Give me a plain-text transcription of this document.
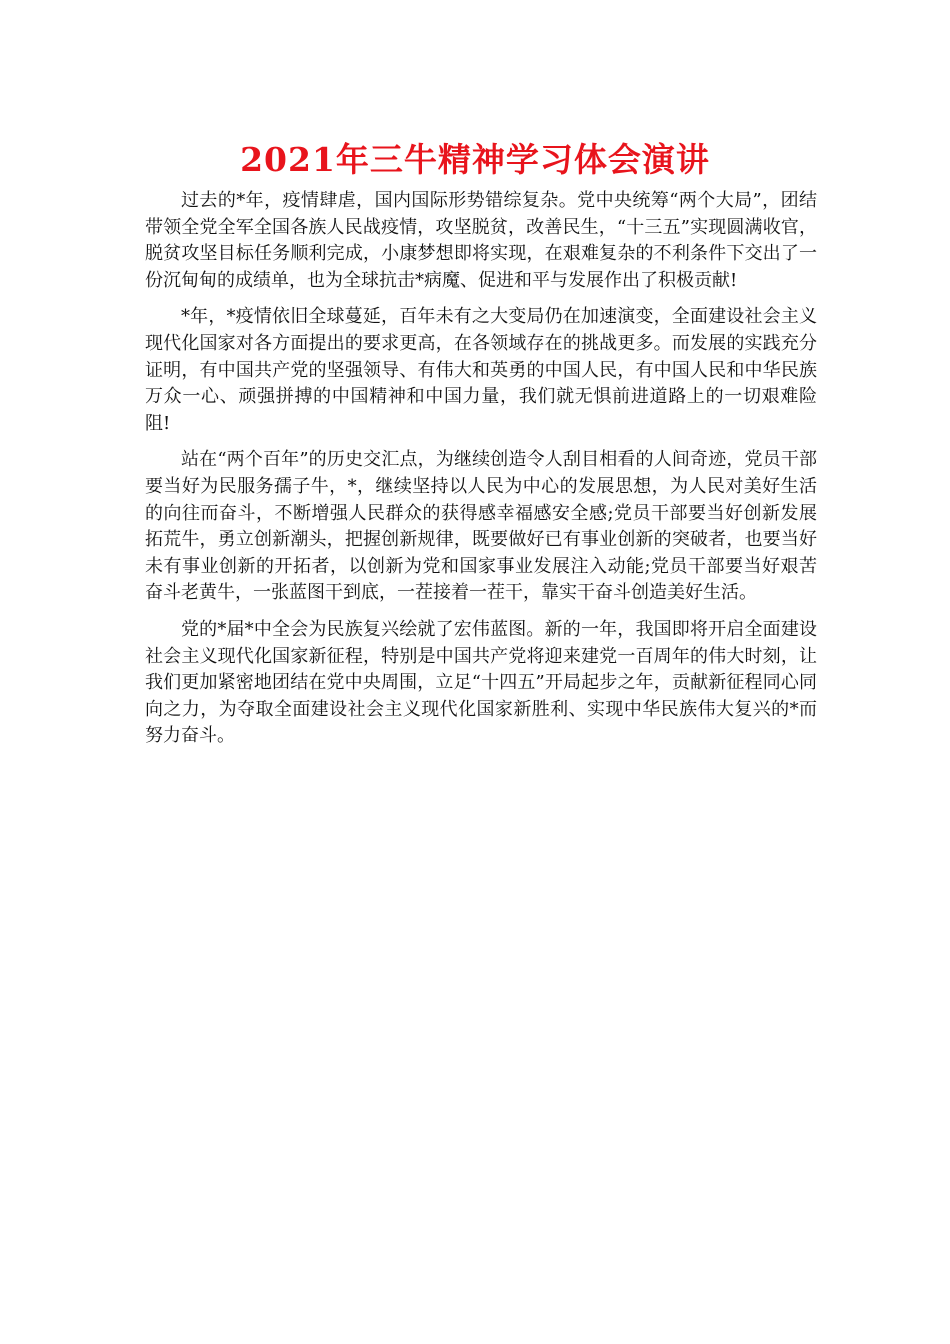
2021年三牛精神学习体会演讲

过去的*年，疫情肆虐，国内国际形势错综复杂。党中央统筹“两个大局”，团结带领全党全军全国各族人民战疫情，攻坚脱贫，改善民生，“十三五”实现圆满收官，脱贫攻坚目标任务顺利完成，小康梦想即将实现，在艰难复杂的不利条件下交出了一份沉甸甸的成绩单，也为全球抗击*病魔、促进和平与发展作出了积极贡献!

*年，*疫情依旧全球蔓延，百年未有之大变局仍在加速演变，全面建设社会主义现代化国家对各方面提出的要求更高，在各领域存在的挑战更多。而发展的实践充分证明，有中国共产党的坚强领导、有伟大和英勇的中国人民，有中国人民和中华民族万众一心、顽强拼搏的中国精神和中国力量，我们就无惧前进道路上的一切艰难险阻!

站在“两个百年”的历史交汇点，为继续创造令人刮目相看的人间奇迹，党员干部要当好为民服务孺子牛，*，继续坚持以人民为中心的发展思想，为人民对美好生活的向往而奋斗，不断增强人民群众的获得感幸福感安全感;党员干部要当好创新发展拓荒牛，勇立创新潮头，把握创新规律，既要做好已有事业创新的突破者，也要当好未有事业创新的开拓者，以创新为党和国家事业发展注入动能;党员干部要当好艰苦奋斗老黄牛，一张蓝图干到底，一茬接着一茬干，靠实干奋斗创造美好生活。

党的*届*中全会为民族复兴绘就了宏伟蓝图。新的一年，我国即将开启全面建设社会主义现代化国家新征程，特别是中国共产党将迎来建党一百周年的伟大时刻，让我们更加紧密地团结在党中央周围，立足“十四五”开局起步之年，贡献新征程同心同向之力，为夺取全面建设社会主义现代化国家新胜利、实现中华民族伟大复兴的*而努力奋斗。
